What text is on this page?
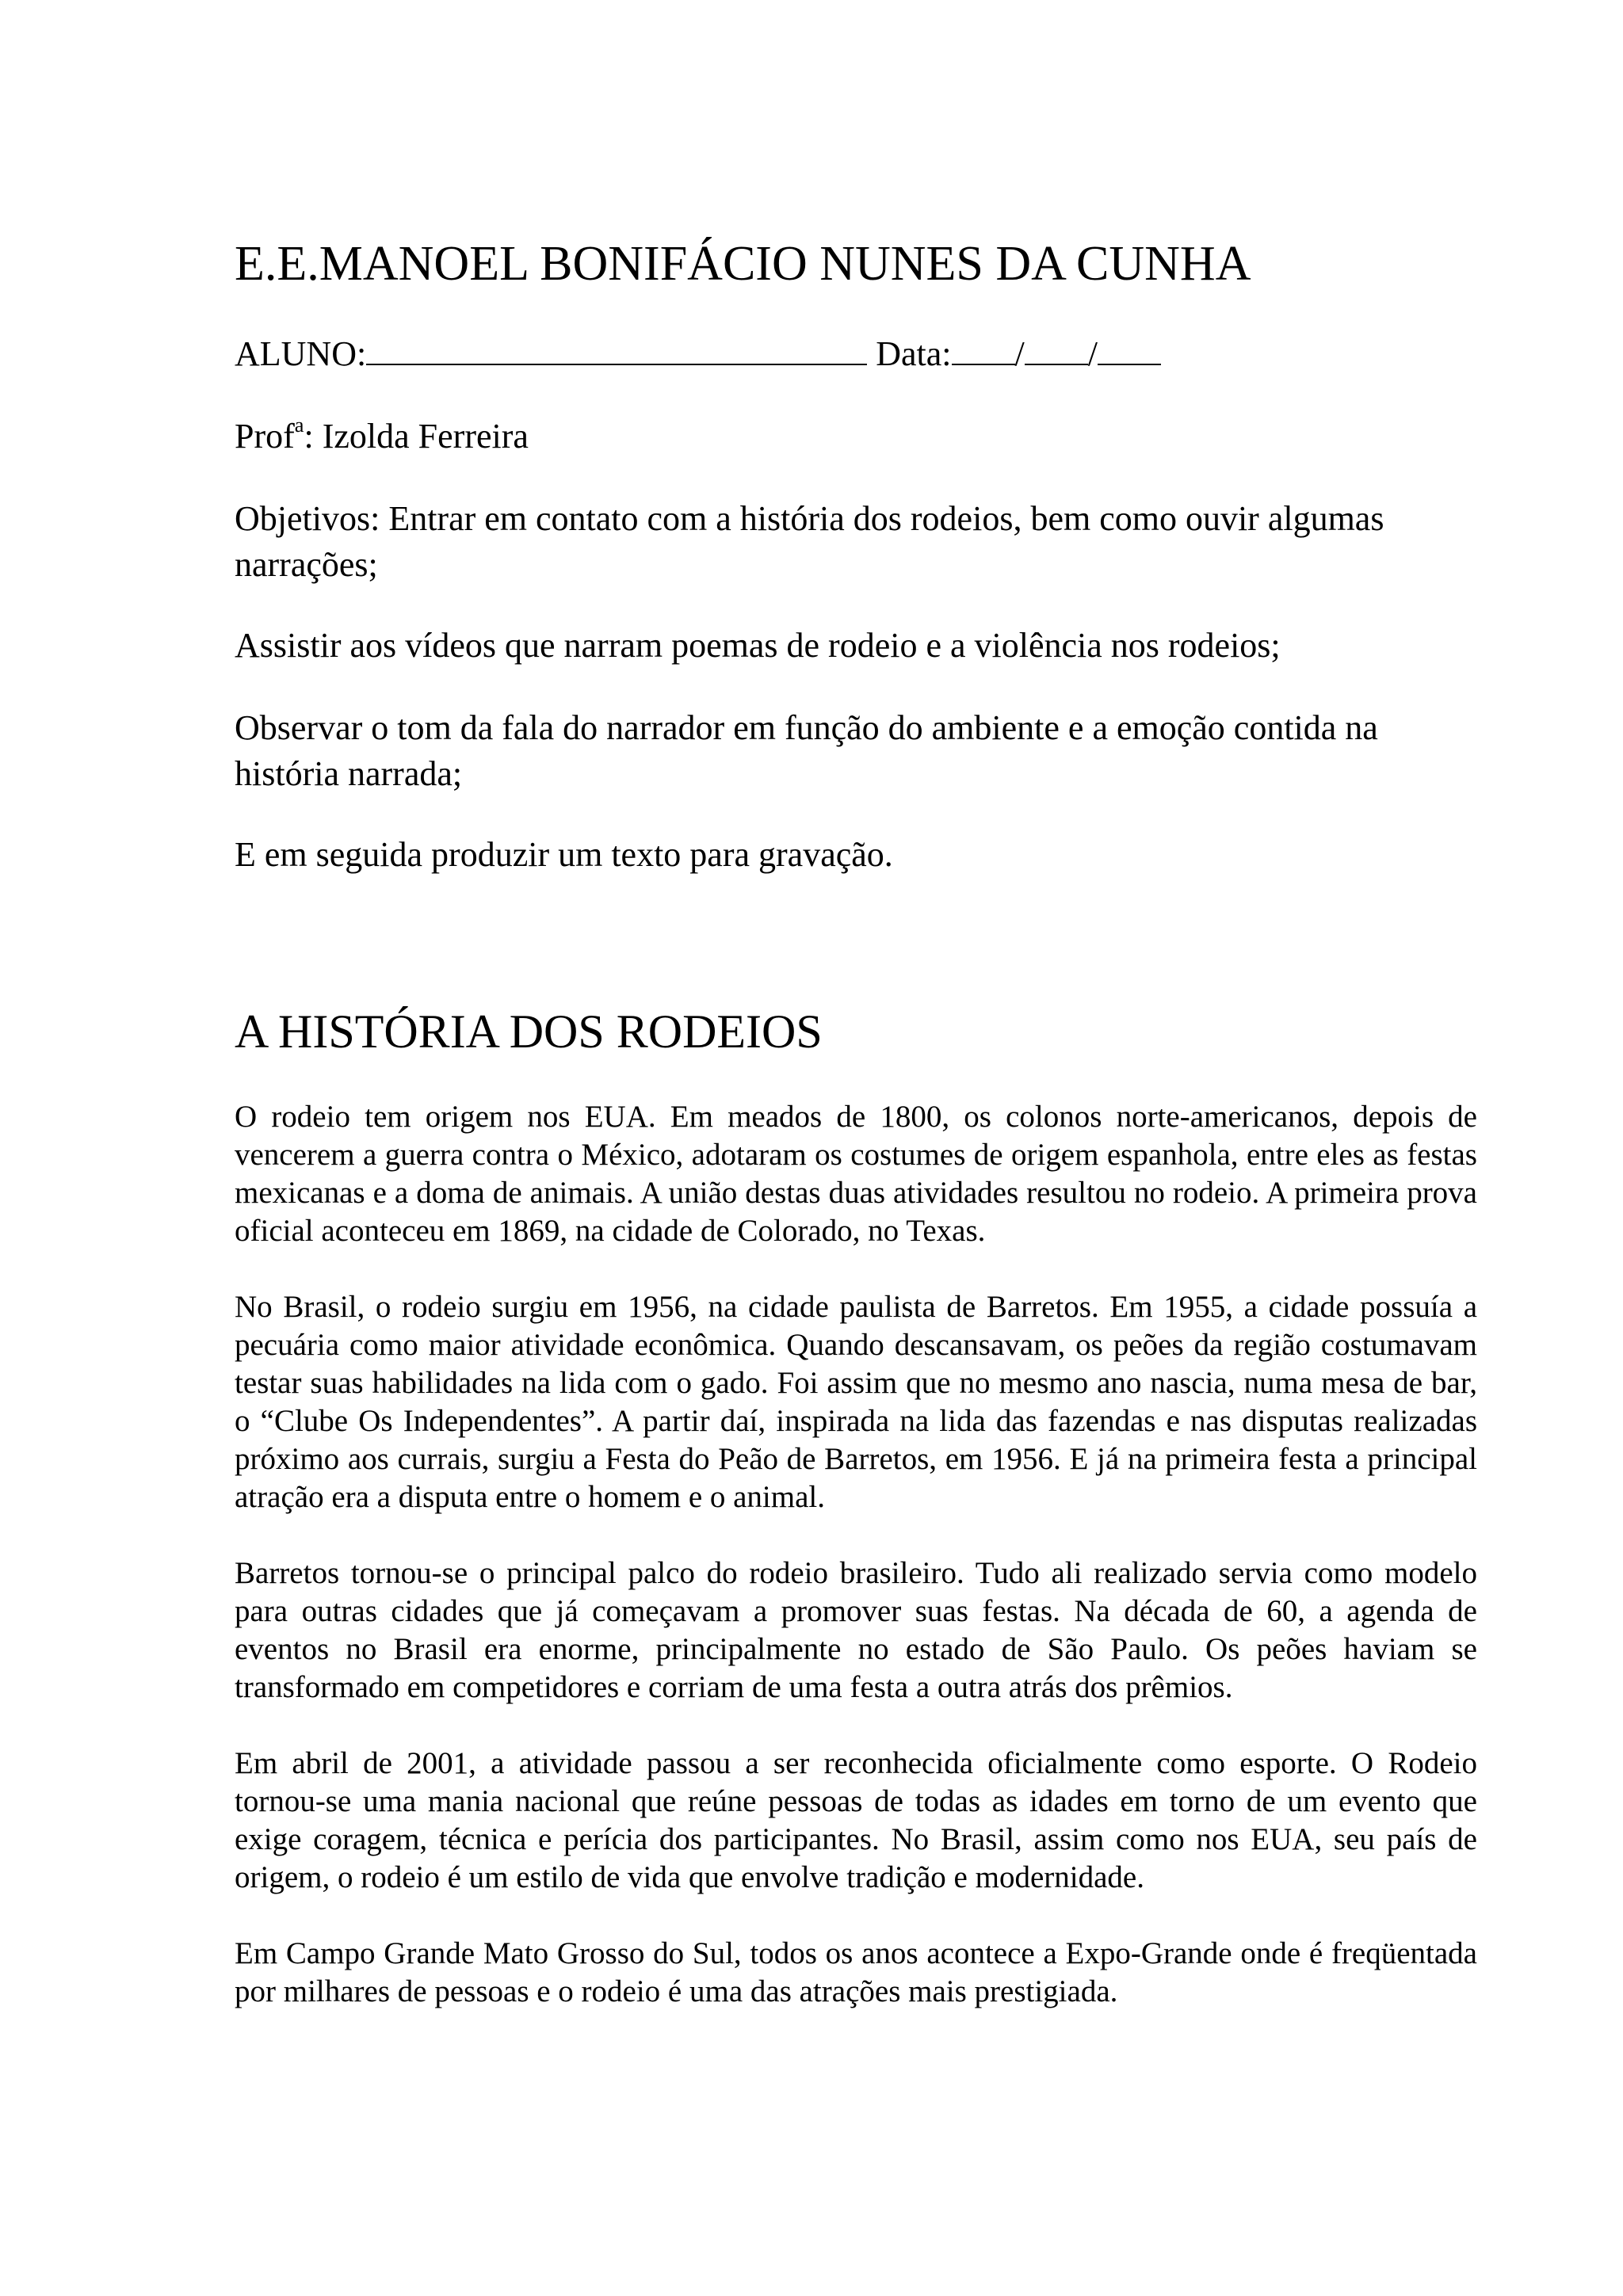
E.E.MANOEL BONIFÁCIO NUNES DA CUNHA

ALUNO:	Data: / /

Prof$^a$: Izolda Ferreira

Objetivos: Entrar em contato com a história dos rodeios, bem como ouvir algumas narrações;

Assistir aos vídeos que narram poemas de rodeio e a violência nos rodeios;

Observar o tom da fala do narrador em função do ambiente e a emoção contida na história narrada;

E em seguida produzir um texto para gravação.

A HISTÓRIA DOS RODEIOS

O rodeio tem origem nos EUA. Em meados de 1800, os colonos norte-americanos, depois de vencerem a guerra contra o México, adotaram os costumes de origem espanhola, entre eles as festas mexicanas e a doma de animais. A união destas duas atividades resultou no rodeio. A primeira prova oficial aconteceu em 1869, na cidade de Colorado, no Texas.

No Brasil, o rodeio surgiu em 1956, na cidade paulista de Barretos. Em 1955, a cidade possuía a pecuária como maior atividade econômica. Quando descansavam, os peões da região costumavam testar suas habilidades na lida com o gado. Foi assim que no mesmo ano nascia, numa mesa de bar, o “Clube Os Independentes”. A partir daí, inspirada na lida das fazendas e nas disputas realizadas próximo aos currais, surgiu a Festa do Peão de Barretos, em 1956. E já na primeira festa a principal atração era a disputa entre o homem e o animal.

Barretos tornou-se o principal palco do rodeio brasileiro. Tudo ali realizado servia como modelo para outras cidades que já começavam a promover suas festas. Na década de 60, a agenda de eventos no Brasil era enorme, principalmente no estado de São Paulo. Os peões haviam se transformado em competidores e corriam de uma festa a outra atrás dos prêmios.

Em abril de 2001, a atividade passou a ser reconhecida oficialmente como esporte. O Rodeio tornou-se uma mania nacional que reúne pessoas de todas as idades em torno de um evento que exige coragem, técnica e perícia dos participantes. No Brasil, assim como nos EUA, seu país de origem, o rodeio é um estilo de vida que envolve tradição e modernidade.

Em Campo Grande Mato Grosso do Sul, todos os anos acontece a Expo-Grande onde é freqüentada por milhares de pessoas e o rodeio é uma das atrações mais prestigiada.
